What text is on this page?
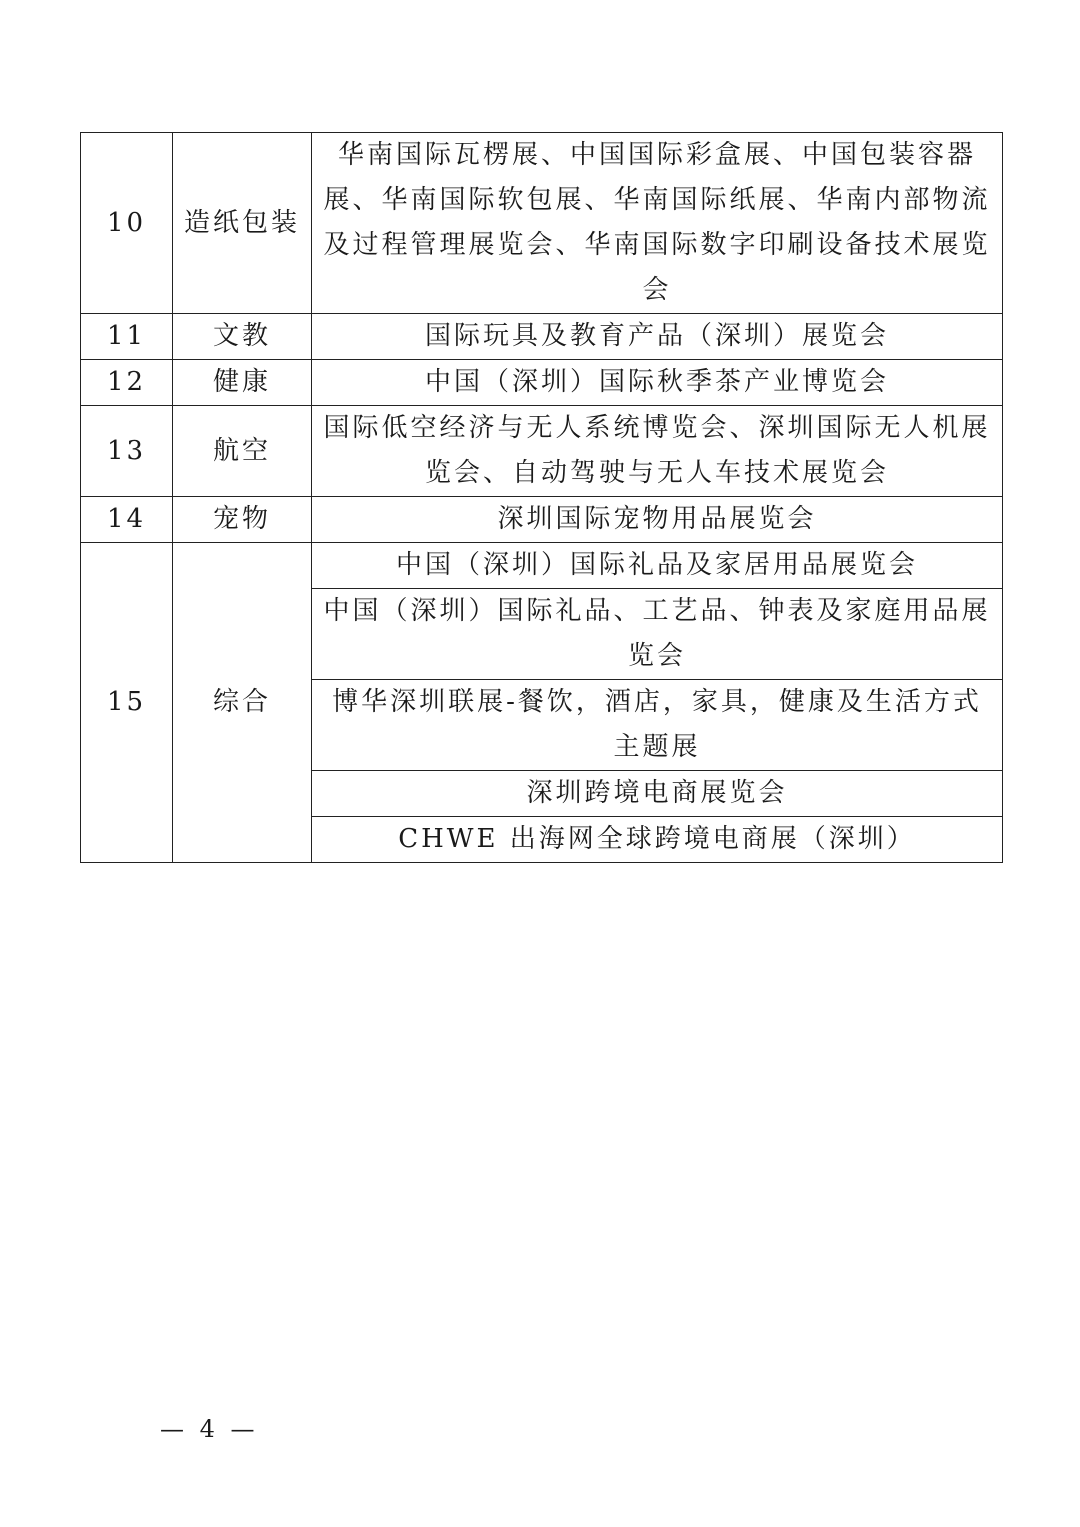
10	造纸包装	华南国际瓦楞展、中国国际彩盒展、中国包装容器展、华南国际软包展、华南国际纸展、华南内部物流及过程管理展览会、华南国际数字印刷设备技术展览会
11	文教	国际玩具及教育产品（深圳）展览会
12	健康	中国（深圳）国际秋季茶产业博览会
13	航空	国际低空经济与无人系统博览会、深圳国际无人机展览会、自动驾驶与无人车技术展览会
14	宠物	深圳国际宠物用品展览会
15	综合	中国（深圳）国际礼品及家居用品展览会
		中国（深圳）国际礼品、工艺品、钟表及家庭用品展览会
		博华深圳联展-餐饮，酒店，家具，健康及生活方式主题展
		深圳跨境电商展览会
		CHWE 出海网全球跨境电商展（深圳）
— 4 —
